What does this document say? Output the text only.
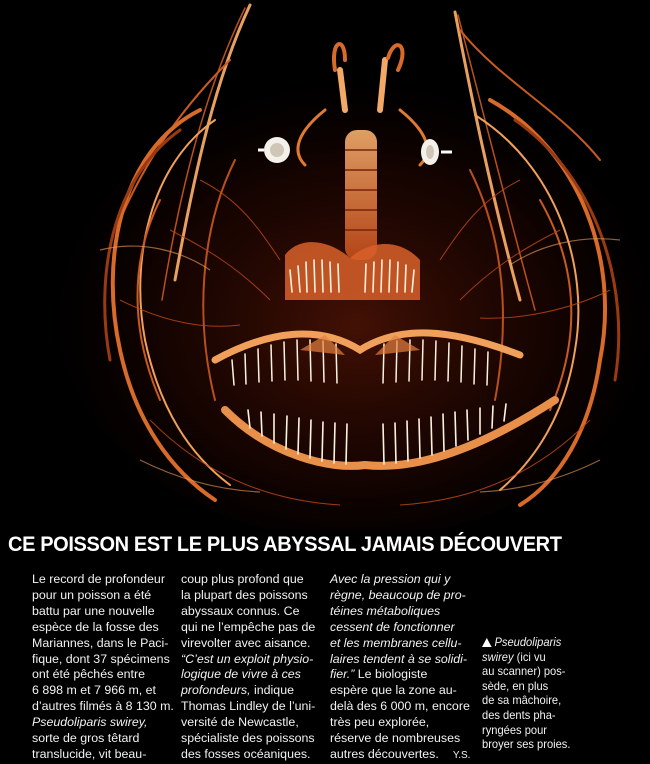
CE POISSON EST LE PLUS ABYSSAL JAMAIS DÉCOUVERT
Le record de profondeur
pour un poisson a été
battu par une nouvelle
espèce de la fosse des
Mariannes, dans le Paci-
fique, dont 37 spécimens
ont été pêchés entre
6 898 m et 7 966 m, et
d’autres filmés à 8 130 m.
Pseudoliparis swirey,
sorte de gros têtard
translucide, vit beau-
coup plus profond que
la plupart des poissons
abyssaux connus. Ce
qui ne l’empêche pas de
virevolter avec aisance.
“C’est un exploit physio-
logique de vivre à ces
profondeurs, indique
Thomas Lindley de l’uni-
versité de Newcastle,
spécialiste des poissons
des fosses océaniques.
Avec la pression qui y
règne, beaucoup de pro-
téines métaboliques
cessent de fonctionner
et les membranes cellu-
laires tendent à se solidi-
fier.” Le biologiste
espère que la zone au-
delà des 6 000 m, encore
très peu explorée,
réserve de nombreuses
autres découvertes. Y.S.
Pseudoliparis
swirey (ici vu
au scanner) pos-
sède, en plus
de sa mâchoire,
des dents pha-
ryngées pour
broyer ses proies.
